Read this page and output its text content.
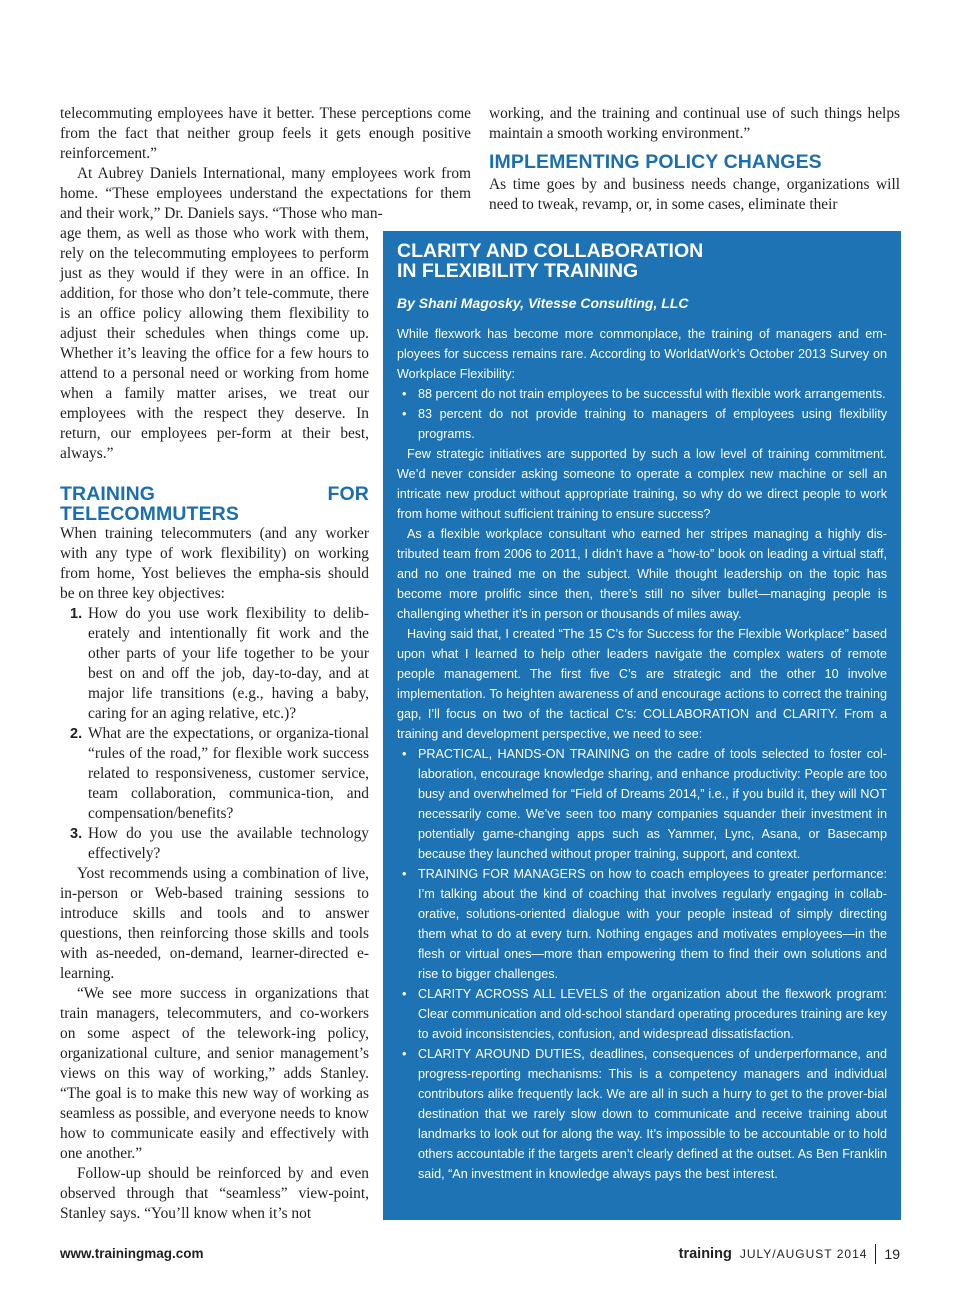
telecommuting employees have it better. These perceptions come from the fact that neither group feels it gets enough positive reinforcement.”

At Aubrey Daniels International, many employees work from home. “These employees understand the expectations for them and their work,” Dr. Daniels says. “Those who man-

age them, as well as those who work with them, rely on the telecommuting employees to perform just as they would if they were in an office. In addition, for those who don’t tele-commute, there is an office policy allowing them flexibility to adjust their schedules when things come up. Whether it’s leaving the office for a few hours to attend to a personal need or working from home when a family matter arises, we treat our employees with the respect they deserve. In return, our employees per-form at their best, always.”

TRAINING FOR TELECOMMUTERS

When training telecommuters (and any worker with any type of work flexibility) on working from home, Yost believes the empha-sis should be on three key objectives:

1. How do you use work flexibility to delib-erately and intentionally fit work and the other parts of your life together to be your best on and off the job, day-to-day, and at major life transitions (e.g., having a baby, caring for an aging relative, etc.)?
2. What are the expectations, or organiza-tional “rules of the road,” for flexible work success related to responsiveness, customer service, team collaboration, communica-tion, and compensation/benefits?
3. How do you use the available technology effectively?

Yost recommends using a combination of live, in-person or Web-based training sessions to introduce skills and tools and to answer questions, then reinforcing those skills and tools with as-needed, on-demand, learner-directed e-learning.

“We see more success in organizations that train managers, telecommuters, and co-workers on some aspect of the telework-ing policy, organizational culture, and senior management’s views on this way of working,” adds Stanley. “The goal is to make this new way of working as seamless as possible, and everyone needs to know how to communicate easily and effectively with one another.”

Follow-up should be reinforced by and even observed through that “seamless” view-point, Stanley says. “You’ll know when it’s not

working, and the training and continual use of such things helps maintain a smooth working environment.”

IMPLEMENTING POLICY CHANGES

As time goes by and business needs change, organizations will need to tweak, revamp, or, in some cases, eliminate their

CLARITY AND COLLABORATION
IN FLEXIBILITY TRAINING
By Shani Magosky, Vitesse Consulting, LLC

While flexwork has become more commonplace, the training of managers and em-ployees for success remains rare. According to WorldatWork’s October 2013 Survey on Workplace Flexibility:

• 88 percent do not train employees to be successful with flexible work arrangements.
• 83 percent do not provide training to managers of employees using flexibility programs.

Few strategic initiatives are supported by such a low level of training commitment. We’d never consider asking someone to operate a complex new machine or sell an intricate new product without appropriate training, so why do we direct people to work from home without sufficient training to ensure success?

As a flexible workplace consultant who earned her stripes managing a highly dis-tributed team from 2006 to 2011, I didn’t have a “how-to” book on leading a virtual staff, and no one trained me on the subject. While thought leadership on the topic has become more prolific since then, there’s still no silver bullet—managing people is challenging whether it’s in person or thousands of miles away.

Having said that, I created “The 15 C’s for Success for the Flexible Workplace” based upon what I learned to help other leaders navigate the complex waters of remote people management. The first five C’s are strategic and the other 10 involve implementation. To heighten awareness of and encourage actions to correct the training gap, I’ll focus on two of the tactical C’s: COLLABORATION and CLARITY. From a training and development perspective, we need to see:

• PRACTICAL, HANDS-ON TRAINING on the cadre of tools selected to foster col-laboration, encourage knowledge sharing, and enhance productivity: People are too busy and overwhelmed for “Field of Dreams 2014,” i.e., if you build it, they will NOT necessarily come. We’ve seen too many companies squander their investment in potentially game-changing apps such as Yammer, Lync, Asana, or Basecamp because they launched without proper training, support, and context.
• TRAINING FOR MANAGERS on how to coach employees to greater performance: I’m talking about the kind of coaching that involves regularly engaging in collab-orative, solutions-oriented dialogue with your people instead of simply directing them what to do at every turn. Nothing engages and motivates employees—in the flesh or virtual ones—more than empowering them to find their own solutions and rise to bigger challenges.
• CLARITY ACROSS ALL LEVELS of the organization about the flexwork program: Clear communication and old-school standard operating procedures training are key to avoid inconsistencies, confusion, and widespread dissatisfaction.
• CLARITY AROUND DUTIES, deadlines, consequences of underperformance, and progress-reporting mechanisms: This is a competency managers and individual contributors alike frequently lack. We are all in such a hurry to get to the prover-bial destination that we rarely slow down to communicate and receive training about landmarks to look out for along the way. It’s impossible to be accountable or to hold others accountable if the targets aren’t clearly defined at the outset. As Ben Franklin said, “An investment in knowledge always pays the best interest.
www.trainingmag.com	training JULY/AUGUST 2014 19
